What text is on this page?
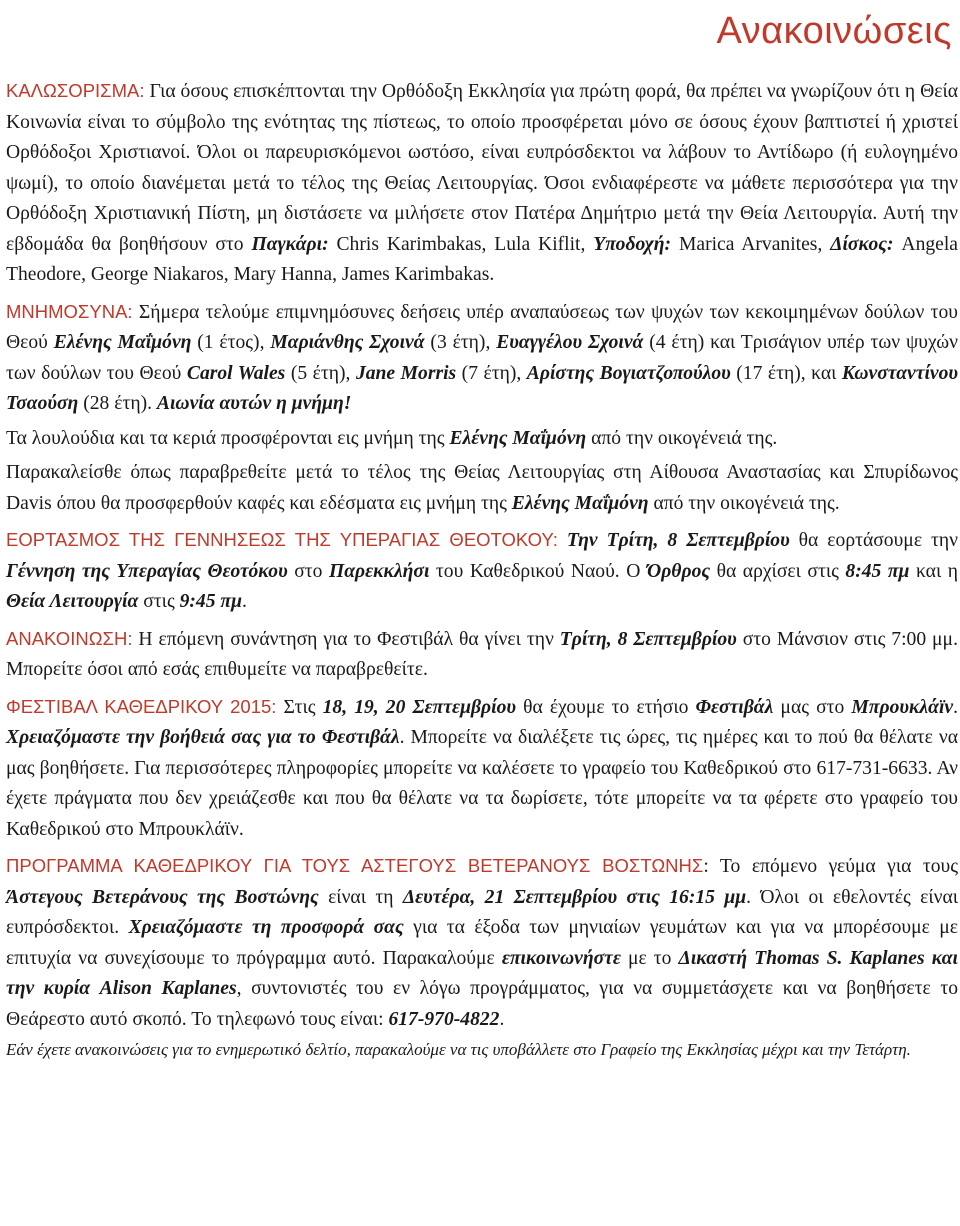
Ανακοινώσεις

ΚΑΛΩΣΟΡΙΣΜΑ: Για όσους επισκέπτονται την Ορθόδοξη Εκκλησία για πρώτη φορά, θα πρέπει να γνωρίζουν ότι η Θεία Κοινωνία είναι το σύμβολο της ενότητας της πίστεως, το οποίο προσφέρεται μόνο σε όσους έχουν βαπτιστεί ή χριστεί Ορθόδοξοι Χριστιανοί. Όλοι οι παρευρισκόμενοι ωστόσο, είναι ευπρόσδεκτοι να λάβουν το Αντίδωρο (ή ευλογημένο ψωμί), το οποίο διανέμεται μετά το τέλος της Θείας Λειτουργίας. Όσοι ενδιαφέρεστε να μάθετε περισσότερα για την Ορθόδοξη Χριστιανική Πίστη, μη διστάσετε να μιλήσετε στον Πατέρα Δημήτριο μετά την Θεία Λειτουργία. Αυτή την εβδομάδα θα βοηθήσουν στο Παγκάρι: Chris Karimbakas, Lula Kiflit, Υποδοχή: Marica Arvanites, Δίσκος: Angela Theodore, George Niakaros, Mary Hanna, James Karimbakas.

ΜΝΗΜΟΣΥΝΑ: Σήμερα τελούμε επιμνημόσυνες δεήσεις υπέρ αναπαύσεως των ψυχών των κεκοιμημένων δούλων του Θεού Ελένης Μαΐμόνη (1 έτος), Μαριάνθης Σχοινά (3 έτη), Ευαγγέλου Σχοινά (4 έτη) και Τρισάγιον υπέρ των ψυχών των δούλων του Θεού Carol Wales (5 έτη), Jane Morris (7 έτη), Αρίστης Βογιατζοπούλου (17 έτη), και Κωνσταντίνου Τσαούση (28 έτη). Αιωνία αυτών η μνήμη!

Τα λουλούδια και τα κεριά προσφέρονται εις μνήμη της Ελένης Μαΐμόνη από την οικογένειά της.

Παρακαλείσθε όπως παραβρεθείτε μετά το τέλος της Θείας Λειτουργίας στη Αίθουσα Αναστασίας και Σπυρίδωνος Davis όπου θα προσφερθούν καφές και εδέσματα εις μνήμη της Ελένης Μαΐμόνη από την οικογένειά της.

ΕΟΡΤΑΣΜΟΣ ΤΗΣ ΓΕΝΝΗΣΕΩΣ ΤΗΣ ΥΠΕΡΑΓΙΑΣ ΘΕΟΤΟΚΟΥ: Την Τρίτη, 8 Σεπτεμβρίου θα εορτάσουμε την Γέννηση της Υπεραγίας Θεοτόκου στο Παρεκκλήσι του Καθεδρικού Ναού. Ο Όρθρος θα αρχίσει στις 8:45 πμ και η Θεία Λειτουργία στις 9:45 πμ.

ΑΝΑΚΟΙΝΩΣΗ: Η επόμενη συνάντηση για το Φεστιβάλ θα γίνει την Τρίτη, 8 Σεπτεμβρίου στο Μάνσιον στις 7:00 μμ. Μπορείτε όσοι από εσάς επιθυμείτε να παραβρεθείτε.

ΦΕΣΤΙΒΑΛ ΚΑΘΕΔΡΙΚΟΥ 2015: Στις 18, 19, 20 Σεπτεμβρίου θα έχουμε το ετήσιο Φεστιβάλ μας στο Μπρουκλάϊν. Χρειαζόμαστε την βοήθειά σας για το Φεστιβάλ. Μπορείτε να διαλέξετε τις ώρες, τις ημέρες και το πού θα θέλατε να μας βοηθήσετε. Για περισσότερες πληροφορίες μπορείτε να καλέσετε το γραφείο του Καθεδρικού στο 617-731-6633. Αν έχετε πράγματα που δεν χρειάζεσθε και που θα θέλατε να τα δωρίσετε, τότε μπορείτε να τα φέρετε στο γραφείο του Καθεδρικού στο Μπρουκλάϊν.

ΠΡΟΓΡΑΜΜΑ ΚΑΘΕΔΡΙΚΟΥ ΓΙΑ ΤΟΥΣ ΑΣΤΕΓΟΥΣ ΒΕΤΕΡΑΝΟΥΣ ΒΟΣΤΩΝΗΣ: Το επόμενο γεύμα για τους Άστεγους Βετεράνους της Βοστώνης είναι τη Δευτέρα, 21 Σεπτεμβρίου στις 16:15 μμ. Όλοι οι εθελοντές είναι ευπρόσδεκτοι. Χρειαζόμαστε τη προσφορά σας για τα έξοδα των μηνιαίων γευμάτων και για να μπορέσουμε με επιτυχία να συνεχίσουμε το πρόγραμμα αυτό. Παρακαλούμε επικοινωνήστε με το Δικαστή Thomas S. Kaplanes και την κυρία Alison Kaplanes, συντονιστές του εν λόγω προγράμματος, για να συμμετάσχετε και να βοηθήσετε το Θεάρεστο αυτό σκοπό. Το τηλεφωνό τους είναι: 617-970-4822.

Εάν έχετε ανακοινώσεις για το ενημερωτικό δελτίο, παρακαλούμε να τις υποβάλλετε στο Γραφείο της Εκκλησίας μέχρι και την Τετάρτη.
